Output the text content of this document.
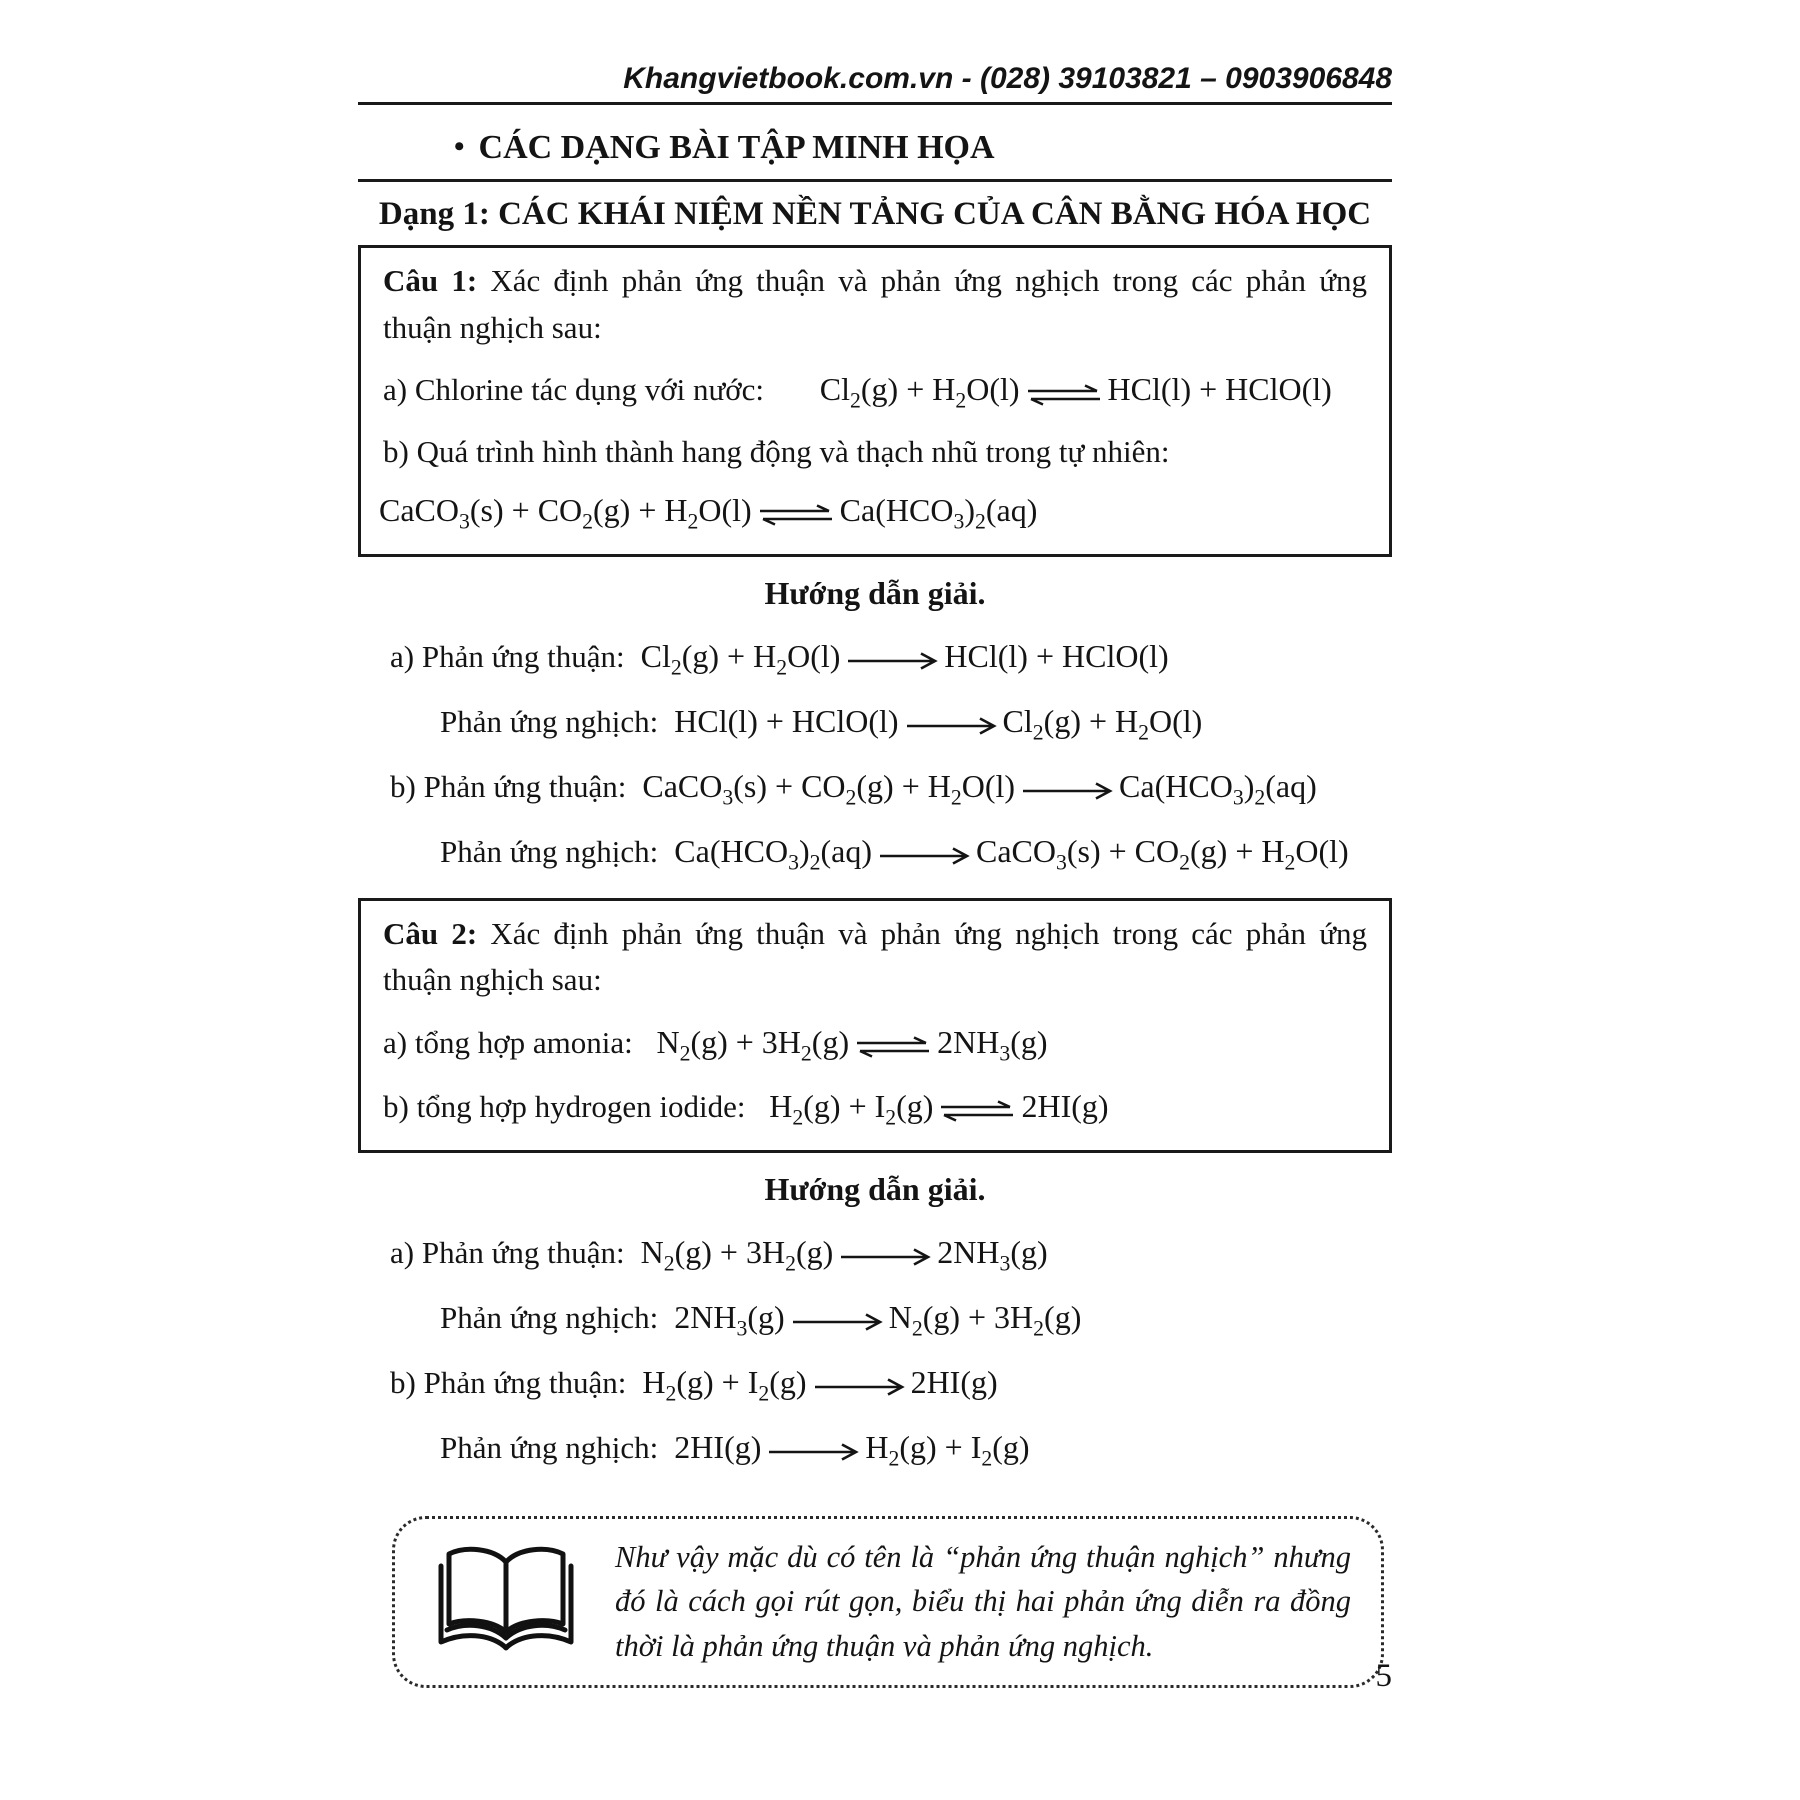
Khangvietbook.com.vn - (028) 39103821 – 0903906848
• CÁC DẠNG BÀI TẬP MINH HỌA
Dạng 1: CÁC KHÁI NIỆM NỀN TẢNG CỦA CÂN BẰNG HÓA HỌC
Câu 1: Xác định phản ứng thuận và phản ứng nghịch trong các phản ứng thuận nghịch sau:
a) Chlorine tác dụng với nước: $Cl_2(g) + H_2O(l)$ ⇌ HCl(l) + HClO(l)
b) Quá trình hình thành hang động và thạch nhũ trong tự nhiên:
CaCO$_3$(s) + $CO_2(g) + H_2O(l)$ ⇌ $Ca(HCO_3)_2(aq)$
Hướng dẫn giải.
a) Phản ứng thuận: $Cl_2(g) + H_2O(l)$	HCl(l) + HClO(l)
Phản ứng nghịch: HCl(l) + HClO(l)	$Cl_2(g) + H_2O(l)$
b) Phản ứng thuận: CaCO$_3$(s) + $CO_2(g) + H_2O(l)$	$Ca(HCO_3)_2(aq)$
Phản ứng nghịch: $Ca(HCO_3)_2(aq)$	CaCO$_3$(s) + $CO_2(g) + H_2O(l)$
Câu 2: Xác định phản ứng thuận và phản ứng nghịch trong các phản ứng thuận nghịch sau:
a) tổng hợp amonia: $N_2(g) + 3H_2(g)$ ⇌ $2NH_3(g)$
b) tổng hợp hydrogen iodide: $H_2(g) + I_2(g)$ ⇌ 2HI(g)
Hướng dẫn giải.
a) Phản ứng thuận: $N_2(g) + 3H_2(g)$	$2NH_3(g)$
Phản ứng nghịch: $2NH_3(g)$	$N_2(g) + 3H_2(g)$
b) Phản ứng thuận: $H_2(g) + I_2(g)$	2HI(g)
Phản ứng nghịch: 2HI(g)	$H_2(g) + I_2(g)$
Như vậy mặc dù có tên là “phản ứng thuận nghịch” nhưng đó là cách gọi rút gọn, biểu thị hai phản ứng diễn ra đồng thời là phản ứng thuận và phản ứng nghịch.
5
